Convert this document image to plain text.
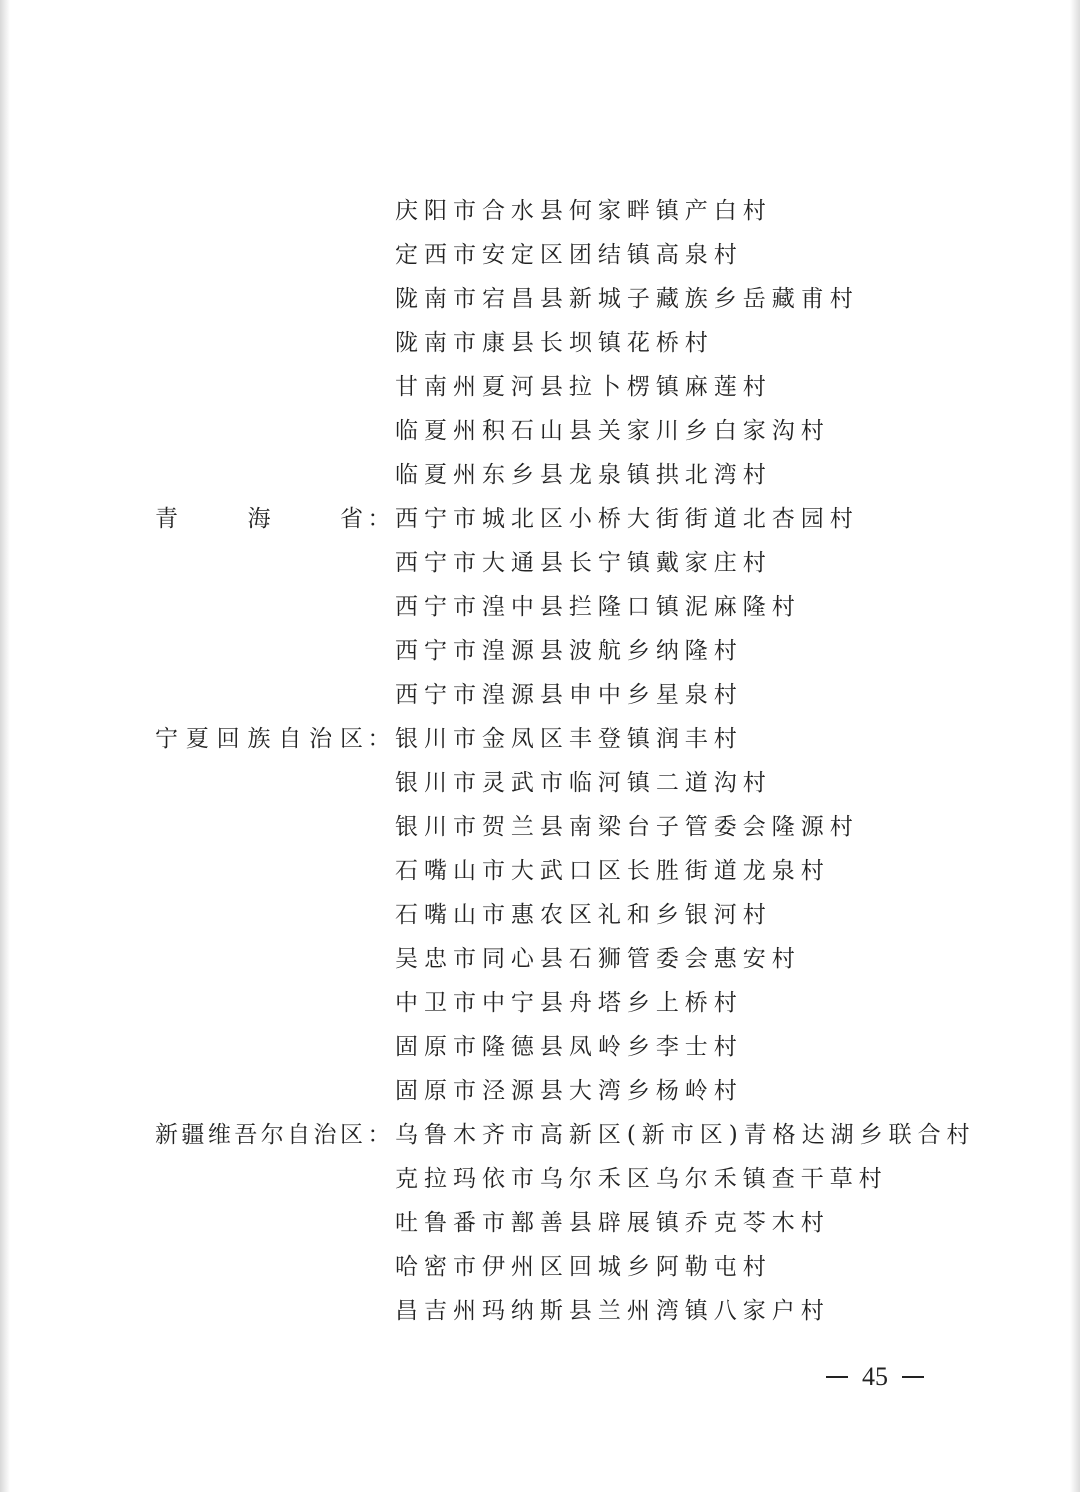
庆阳市合水县何家畔镇产白村
定西市安定区团结镇高泉村
陇南市宕昌县新城子藏族乡岳藏甫村
陇南市康县长坝镇花桥村
甘南州夏河县拉卜楞镇麻莲村
临夏州积石山县关家川乡白家沟村
临夏州东乡县龙泉镇拱北湾村
青	海	省 ： 西宁市城北区小桥大街街道北杏园村
西宁市大通县长宁镇戴家庄村
西宁市湟中县拦隆口镇泥麻隆村
西宁市湟源县波航乡纳隆村
西宁市湟源县申中乡星泉村
宁 夏 回 族 自 治 区 ： 银川市金凤区丰登镇润丰村
银川市灵武市临河镇二道沟村
银川市贺兰县南梁台子管委会隆源村
石嘴山市大武口区长胜街道龙泉村
石嘴山市惠农区礼和乡银河村
吴忠市同心县石狮管委会惠安村
中卫市中宁县舟塔乡上桥村
固原市隆德县凤岭乡李士村
固原市泾源县大湾乡杨岭村
新 疆 维 吾 尔 自 治 区 ： 乌鲁木齐市高新区(新市区)青格达湖乡联合村
克拉玛依市乌尔禾区乌尔禾镇查干草村
吐鲁番市鄯善县辟展镇乔克苓木村
哈密市伊州区回城乡阿勒屯村
昌吉州玛纳斯县兰州湾镇八家户村
45
